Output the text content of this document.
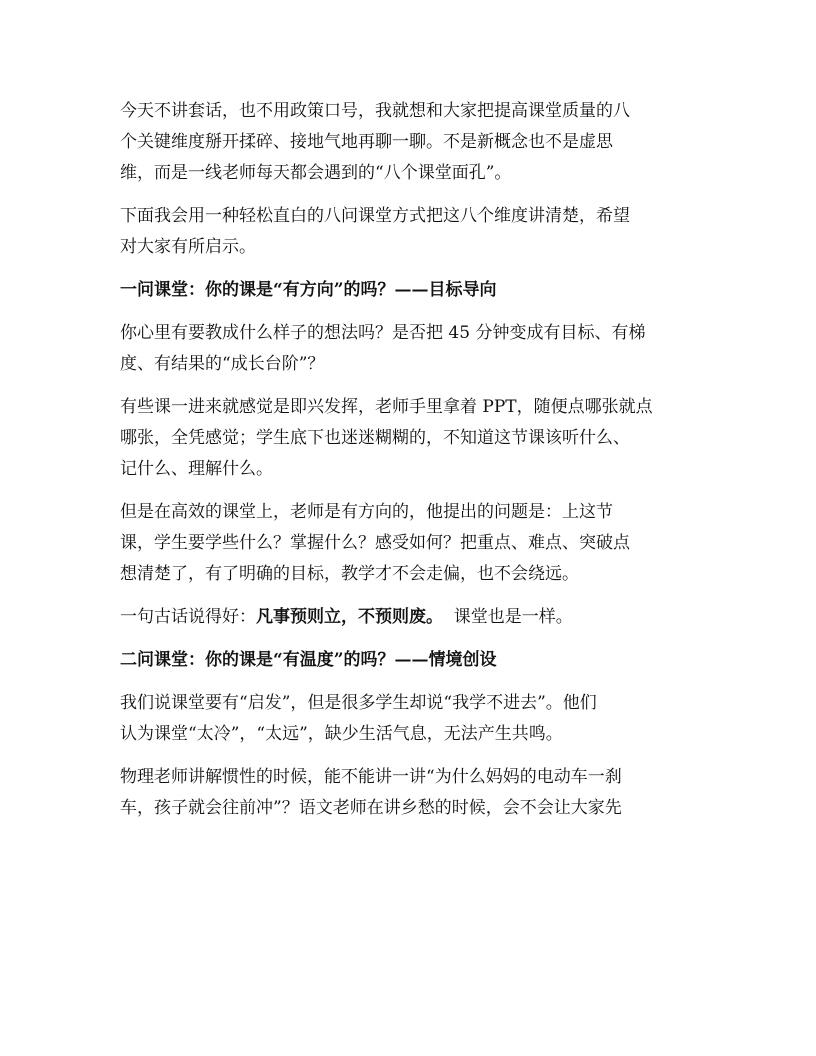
今天不讲套话，也不用政策口号，我就想和大家把提高课堂质量的八
个关键维度掰开揉碎、接地气地再聊一聊。不是新概念也不是虚思
维，而是一线老师每天都会遇到的“八个课堂面孔”。

下面我会用一种轻松直白的八问课堂方式把这八个维度讲清楚，希望
对大家有所启示。

一问课堂：你的课是“有方向”的吗？——目标导向

你心里有要教成什么样子的想法吗？是否把 45 分钟变成有目标、有梯
度、有结果的“成长台阶”？

有些课一进来就感觉是即兴发挥，老师手里拿着 PPT，随便点哪张就点
哪张，全凭感觉；学生底下也迷迷糊糊的，不知道这节课该听什么、
记什么、理解什么。

但是在高效的课堂上，老师是有方向的，他提出的问题是：上这节
课，学生要学些什么？掌握什么？感受如何？把重点、难点、突破点
想清楚了，有了明确的目标，教学才不会走偏，也不会绕远。

一句古话说得好：凡事预则立，不预则废。  课堂也是一样。

二问课堂：你的课是“有温度”的吗？——情境创设

我们说课堂要有“启发”，但是很多学生却说“我学不进去”。他们
认为课堂“太冷”，“太远”，缺少生活气息，无法产生共鸣。

物理老师讲解惯性的时候，能不能讲一讲“为什么妈妈的电动车一刹
车，孩子就会往前冲”？语文老师在讲乡愁的时候，会不会让大家先
